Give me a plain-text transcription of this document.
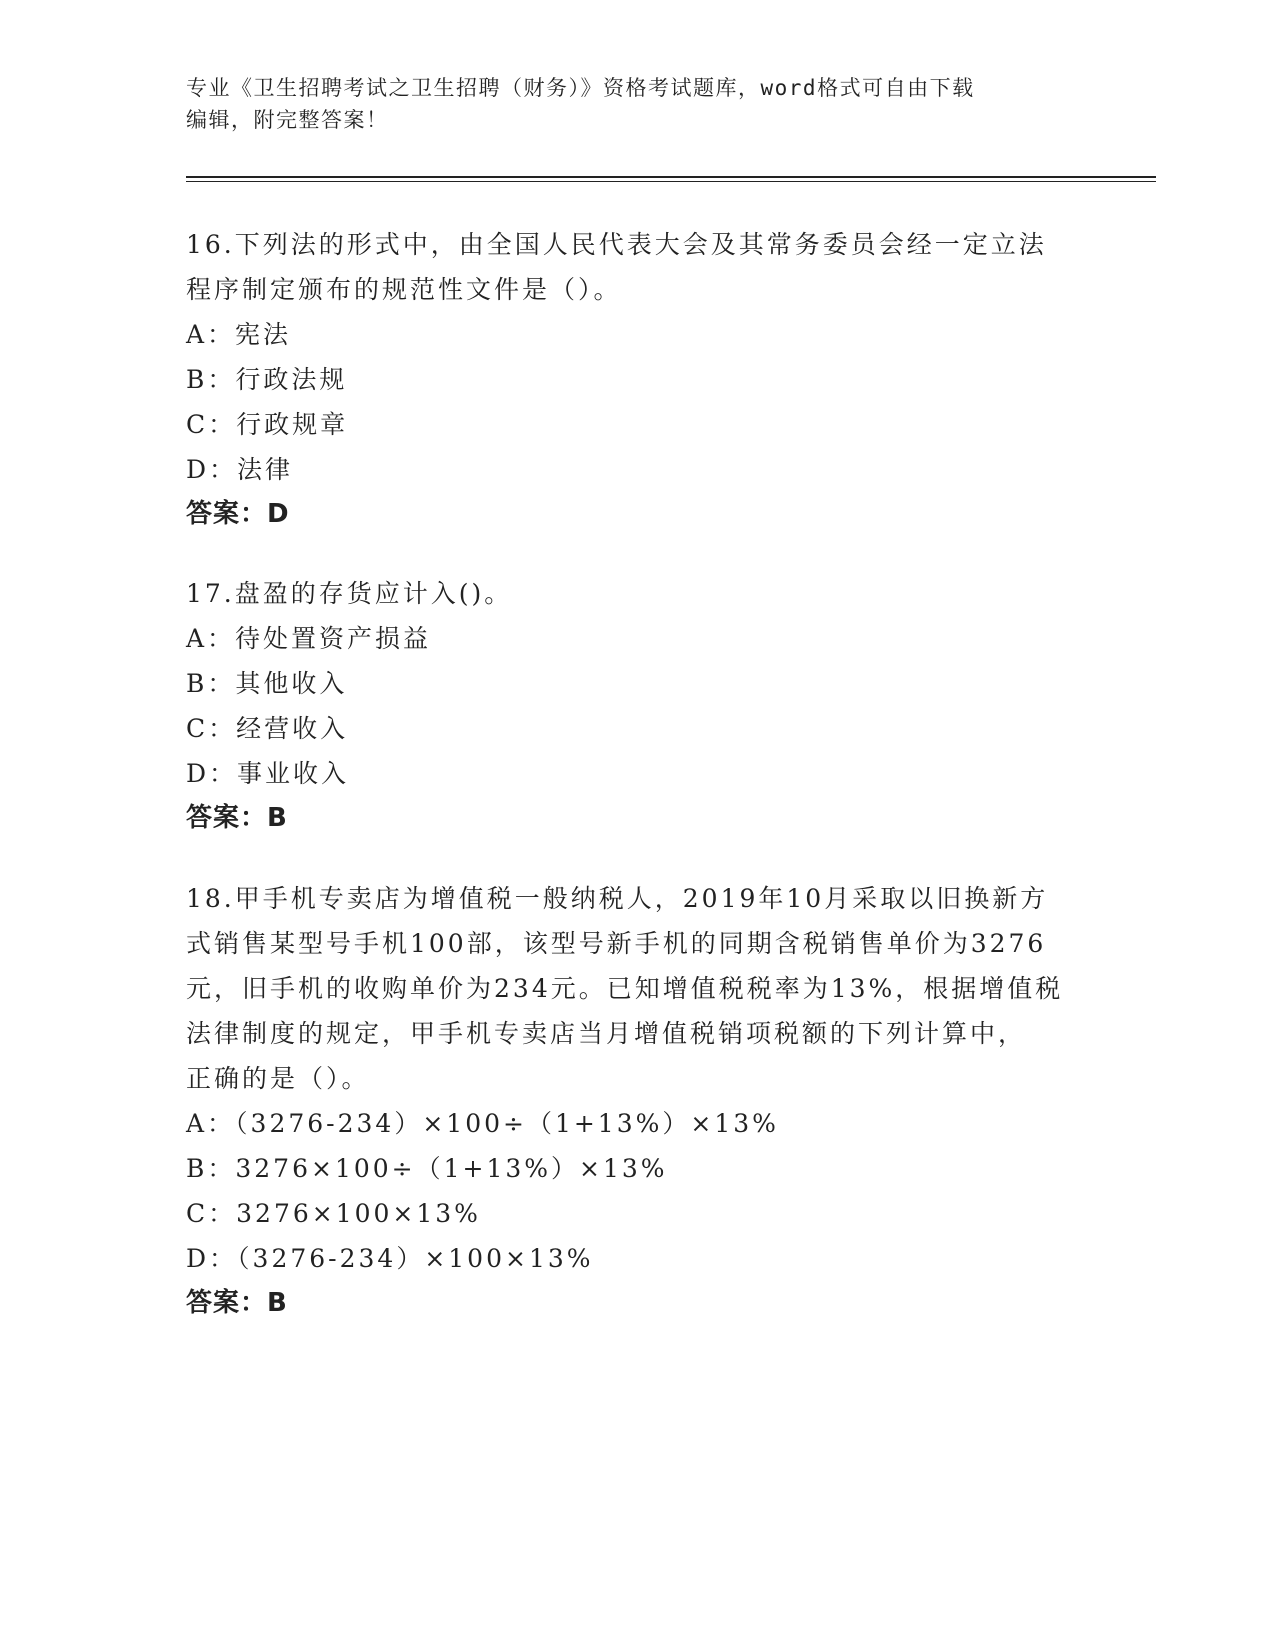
专业《卫生招聘考试之卫生招聘（财务）》资格考试题库，word格式可自由下载
编辑，附完整答案！
16.下列法的形式中，由全国人民代表大会及其常务委员会经一定立法
程序制定颁布的规范性文件是（）。
A：宪法
B：行政法规
C：行政规章
D：法律
答案：D
17.盘盈的存货应计入()。
A：待处置资产损益
B：其他收入
C：经营收入
D：事业收入
答案：B
18.甲手机专卖店为增值税一般纳税人，2019年10月采取以旧换新方
式销售某型号手机100部，该型号新手机的同期含税销售单价为3276
元，旧手机的收购单价为234元。已知增值税税率为13%，根据增值税
法律制度的规定，甲手机专卖店当月增值税销项税额的下列计算中，
正确的是（）。
A：（3276-234）×100÷（1+13%）×13%
B：3276×100÷（1+13%）×13%
C：3276×100×13%
D：（3276-234）×100×13%
答案：B
